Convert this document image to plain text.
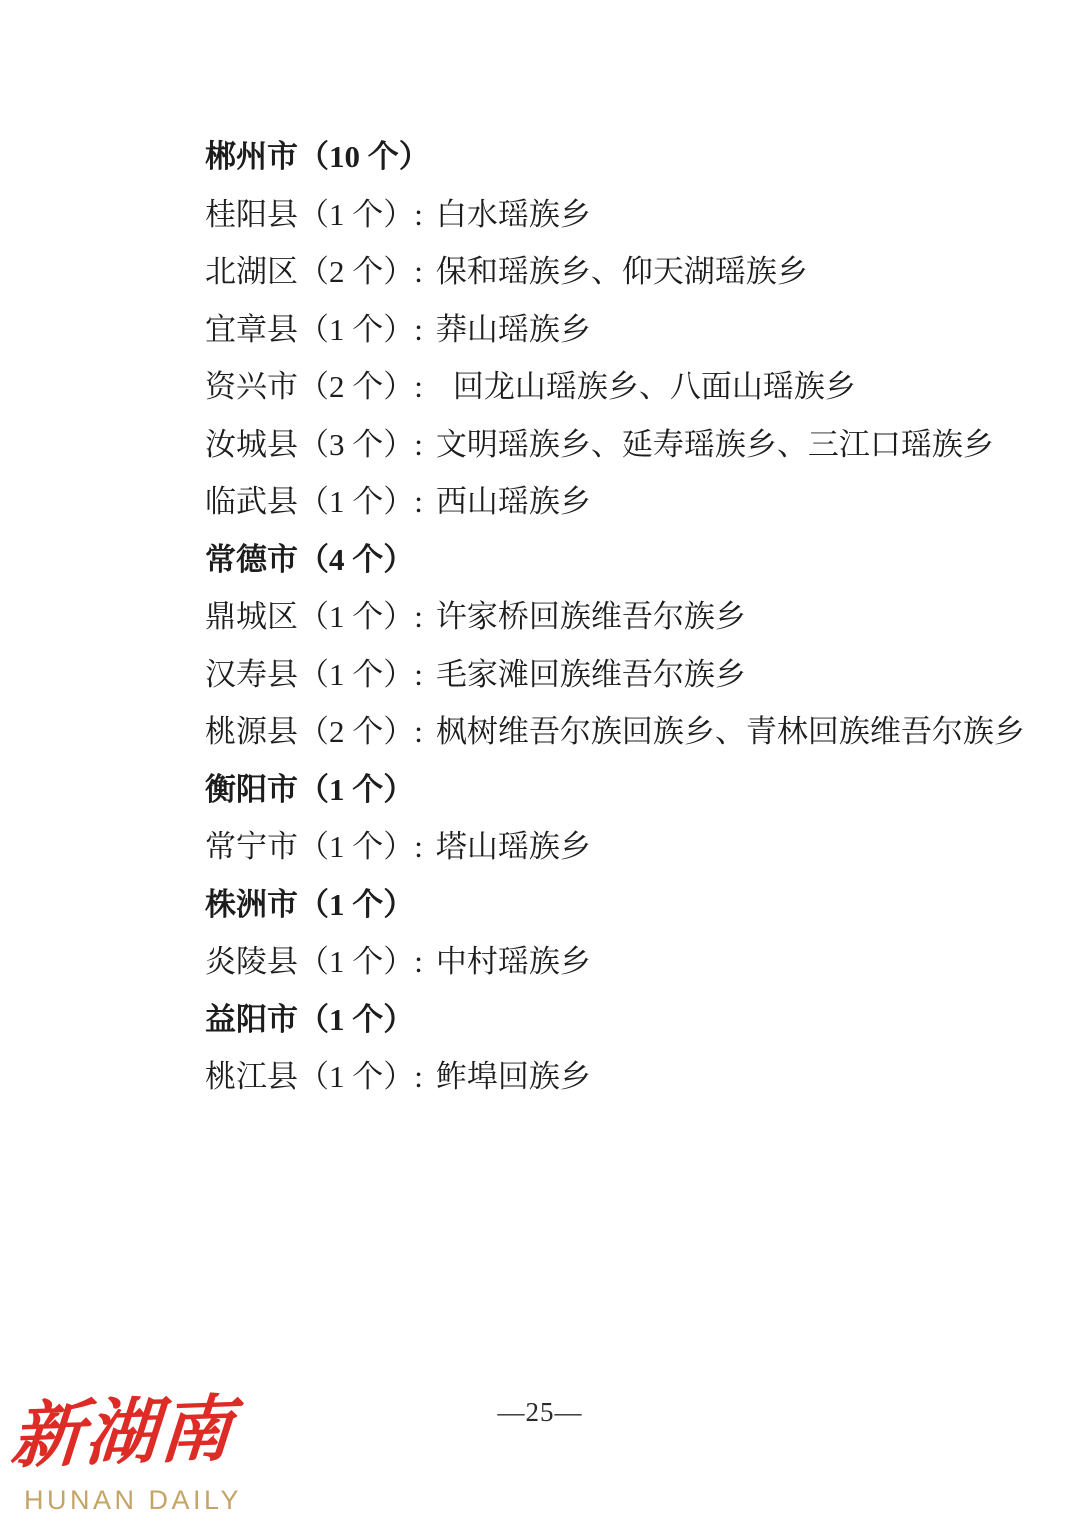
郴州市（10 个）

桂阳县（1 个）: 白水瑶族乡

北湖区（2 个）: 保和瑶族乡、仰天湖瑶族乡

宜章县（1 个）: 莽山瑶族乡

资兴市（2 个）: 回龙山瑶族乡、八面山瑶族乡

汝城县（3 个）: 文明瑶族乡、延寿瑶族乡、三江口瑶族乡

临武县（1 个）: 西山瑶族乡

常德市（4 个）

鼎城区（1 个）: 许家桥回族维吾尔族乡

汉寿县（1 个）: 毛家滩回族维吾尔族乡

桃源县（2 个）: 枫树维吾尔族回族乡、青林回族维吾尔族乡

衡阳市（1 个）

常宁市（1 个）: 塔山瑶族乡

株洲市（1 个）

炎陵县（1 个）: 中村瑶族乡

益阳市（1 个）

桃江县（1 个）: 鲊埠回族乡

—25—
新湖南
HUNAN DAILY
